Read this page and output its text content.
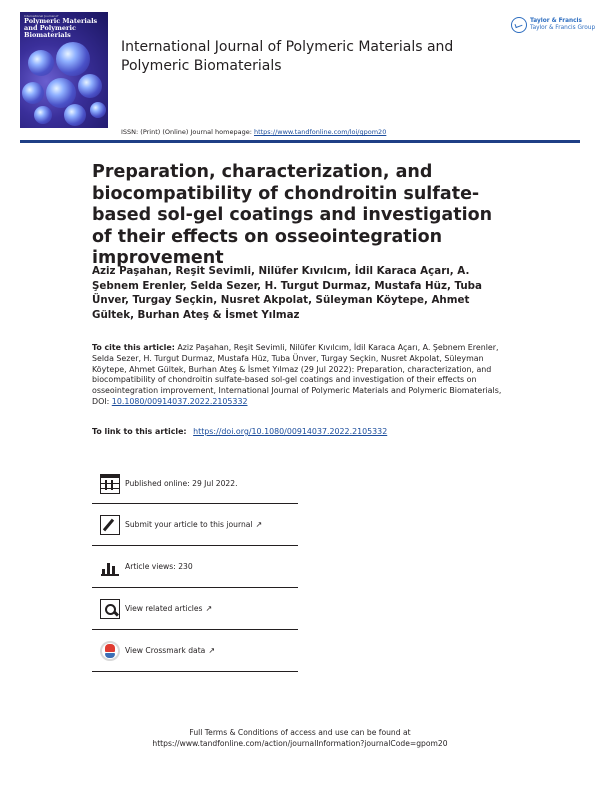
International Journal of
Polymeric Materials and Polymeric Biomaterials
International Journal of Polymeric Materials and Polymeric Biomaterials
Taylor & Francis
Taylor & Francis Group
ISSN: (Print) (Online) Journal homepage: https://www.tandfonline.com/loi/gpom20
Preparation, characterization, and biocompatibility of chondroitin sulfate-based sol-gel coatings and investigation of their effects on osseointegration improvement
Aziz Paşahan, Reşit Sevimli, Nilüfer Kıvılcım, İdil Karaca Açarı, A. Şebnem Erenler, Selda Sezer, H. Turgut Durmaz, Mustafa Hüz, Tuba Ünver, Turgay Seçkin, Nusret Akpolat, Süleyman Köytepe, Ahmet Gültek, Burhan Ateş & İsmet Yılmaz
To cite this article: Aziz Paşahan, Reşit Sevimli, Nilüfer Kıvılcım, İdil Karaca Açarı, A. Şebnem Erenler, Selda Sezer, H. Turgut Durmaz, Mustafa Hüz, Tuba Ünver, Turgay Seçkin, Nusret Akpolat, Süleyman Köytepe, Ahmet Gültek, Burhan Ateş & İsmet Yılmaz (29 Jul 2022): Preparation, characterization, and biocompatibility of chondroitin sulfate-based sol-gel coatings and investigation of their effects on osseointegration improvement, International Journal of Polymeric Materials and Polymeric Biomaterials, DOI: 10.1080/00914037.2022.2105332
To link to this article: https://doi.org/10.1080/00914037.2022.2105332
Published online: 29 Jul 2022.
Submit your article to this journal ↗
Article views: 230
View related articles ↗
View Crossmark data ↗
Full Terms & Conditions of access and use can be found at
https://www.tandfonline.com/action/journalInformation?journalCode=gpom20
